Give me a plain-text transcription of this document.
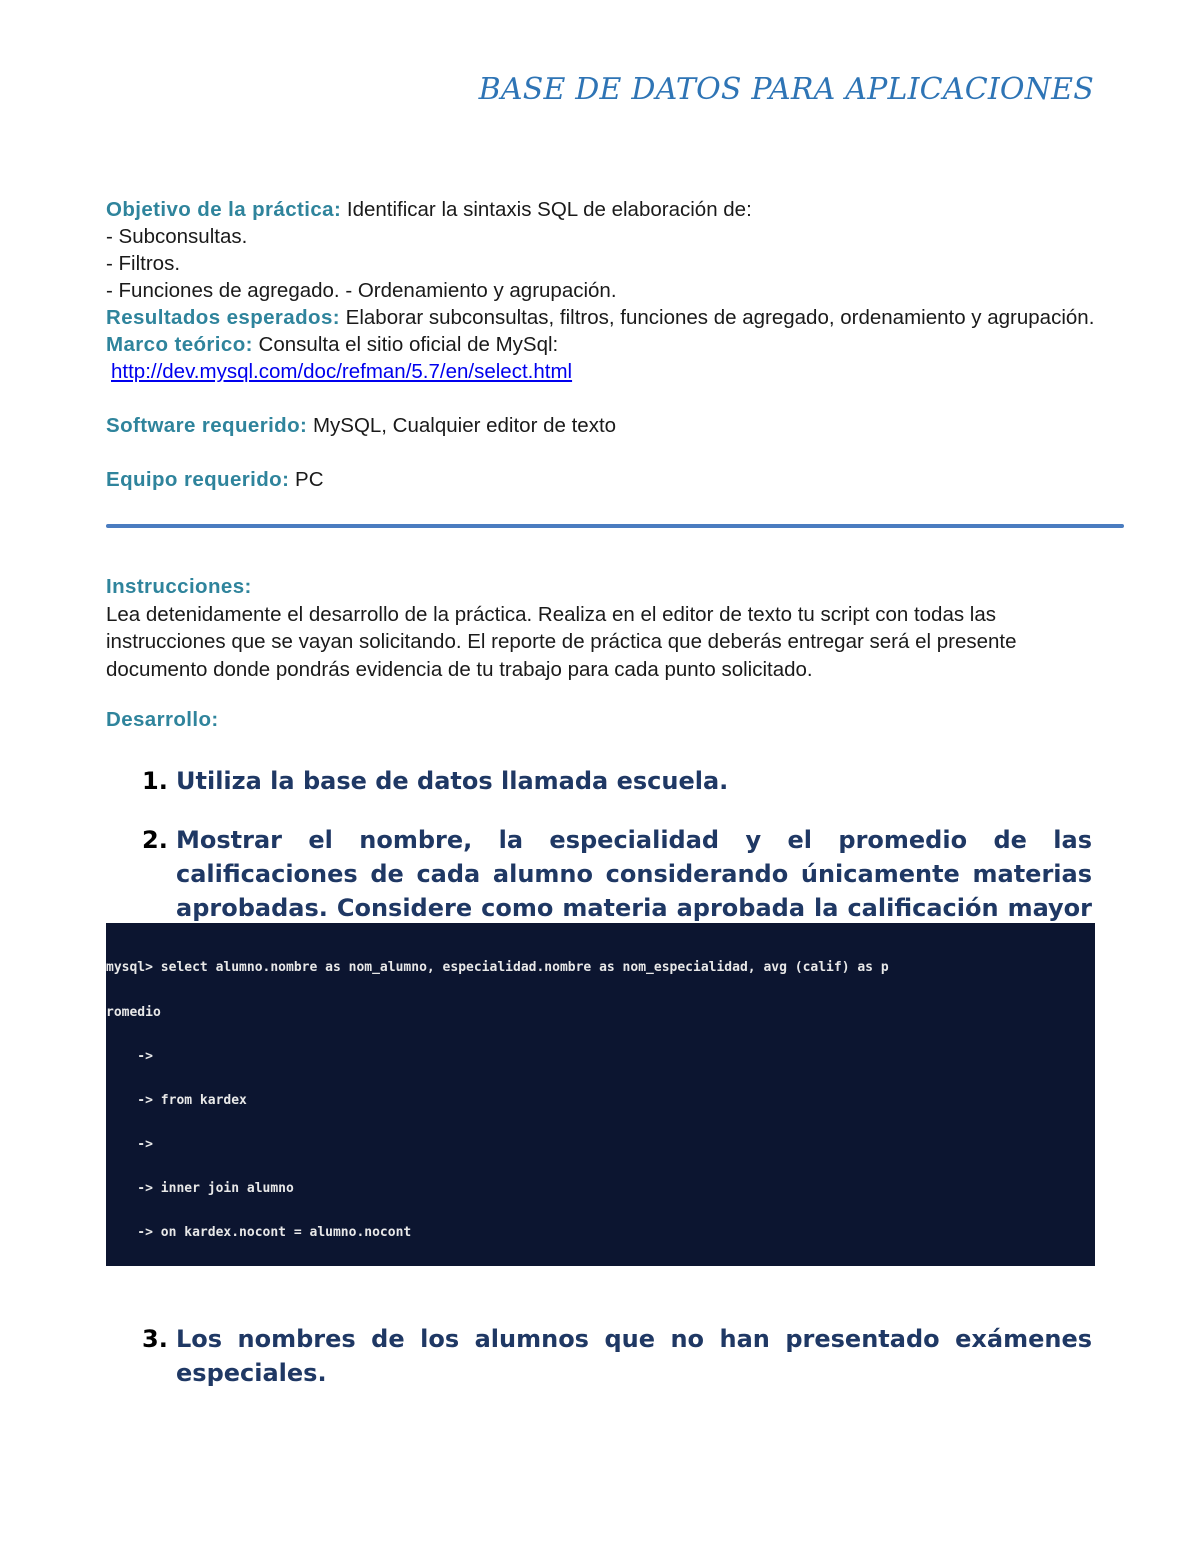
BASE DE DATOS PARA APLICACIONES

Objetivo de la práctica: Identificar la sintaxis SQL de elaboración de:

- Subconsultas.

- Filtros.

- Funciones de agregado. - Ordenamiento y agrupación.

Resultados esperados: Elaborar subconsultas, filtros, funciones de agregado, ordenamiento y agrupación.

Marco teórico: Consulta el sitio oficial de MySql:

http://dev.mysql.com/doc/refman/5.7/en/select.html

Software requerido: MySQL, Cualquier editor de texto

Equipo requerido: PC

Instrucciones:
Lea detenidamente el desarrollo de la práctica. Realiza en el editor de texto tu script con todas las instrucciones que se vayan solicitando. El reporte de práctica que deberás entregar será el presente documento donde pondrás evidencia de tu trabajo para cada punto solicitado.
Desarrollo:
1. Utiliza la base de datos llamada escuela.
2. Mostrar el nombre, la especialidad y el promedio de las calificaciones de cada alumno considerando únicamente materias aprobadas. Considere como materia aprobada la calificación mayor

mysql> select alumno.nombre as nom_alumno, especialidad.nombre as nom_especialidad, avg (calif) as p

romedio

->

-> from kardex

->

-> inner join alumno

-> on kardex.nocont = alumno.nocont

3. Los nombres de los alumnos que no han presentado exámenes especiales.
